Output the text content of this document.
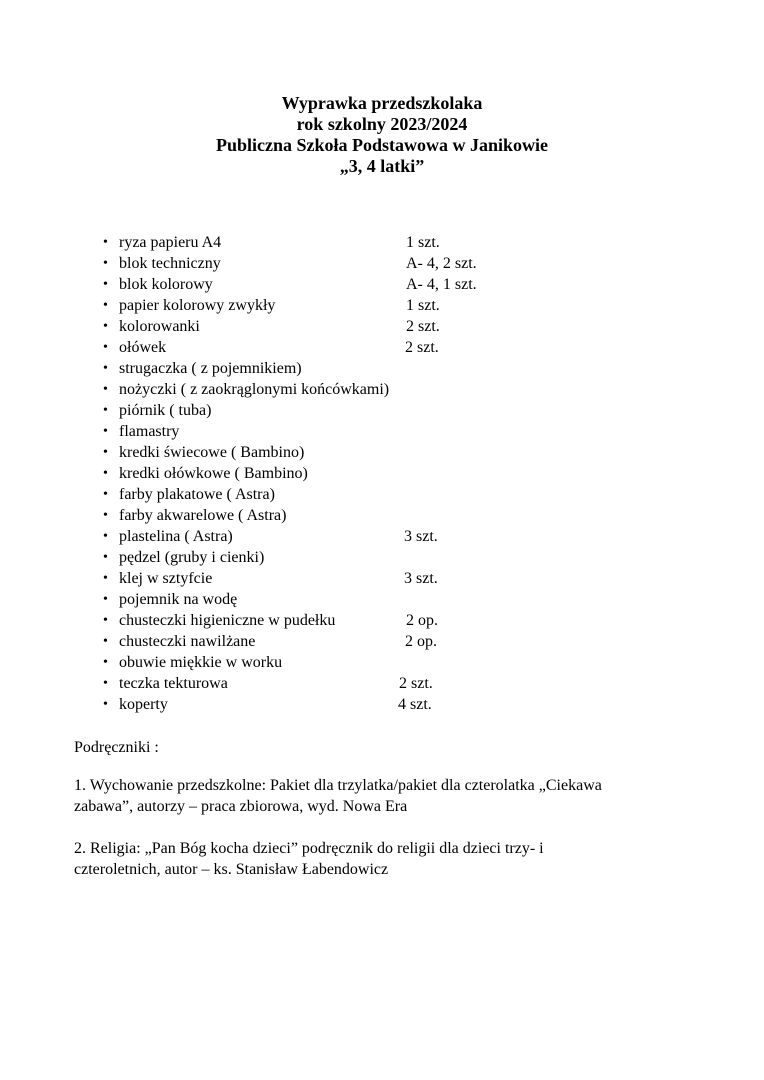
Wyprawka przedszkolaka
rok szkolny 2023/2024
Publiczna Szkoła Podstawowa w Janikowie
„3, 4 latki”
• ryza papieru A4	1 szt.
• blok techniczny	A- 4, 2 szt.
• blok kolorowy	A- 4, 1 szt.
• papier kolorowy zwykły	1 szt.
• kolorowanki	2 szt.
• ołówek	2 szt.
• strugaczka ( z pojemnikiem)
• nożyczki ( z zaokrąglonymi końcówkami)
• piórnik ( tuba)
• flamastry
• kredki świecowe ( Bambino)
• kredki ołówkowe ( Bambino)
• farby plakatowe ( Astra)
• farby akwarelowe ( Astra)
• plastelina ( Astra)	3 szt.
• pędzel (gruby i cienki)
• klej w sztyfcie	3 szt.
• pojemnik na wodę
• chusteczki higieniczne w pudełku	2 op.
• chusteczki nawilżane	2 op.
• obuwie miękkie w worku
• teczka tekturowa	2 szt.
• koperty	4 szt.
Podręczniki :
1. Wychowanie przedszkolne: Pakiet dla trzylatka/pakiet dla czterolatka „Ciekawa
zabawa”, autorzy – praca zbiorowa, wyd. Nowa Era
2. Religia: „Pan Bóg kocha dzieci” podręcznik do religii dla dzieci trzy- i
czteroletnich, autor – ks. Stanisław Łabendowicz
